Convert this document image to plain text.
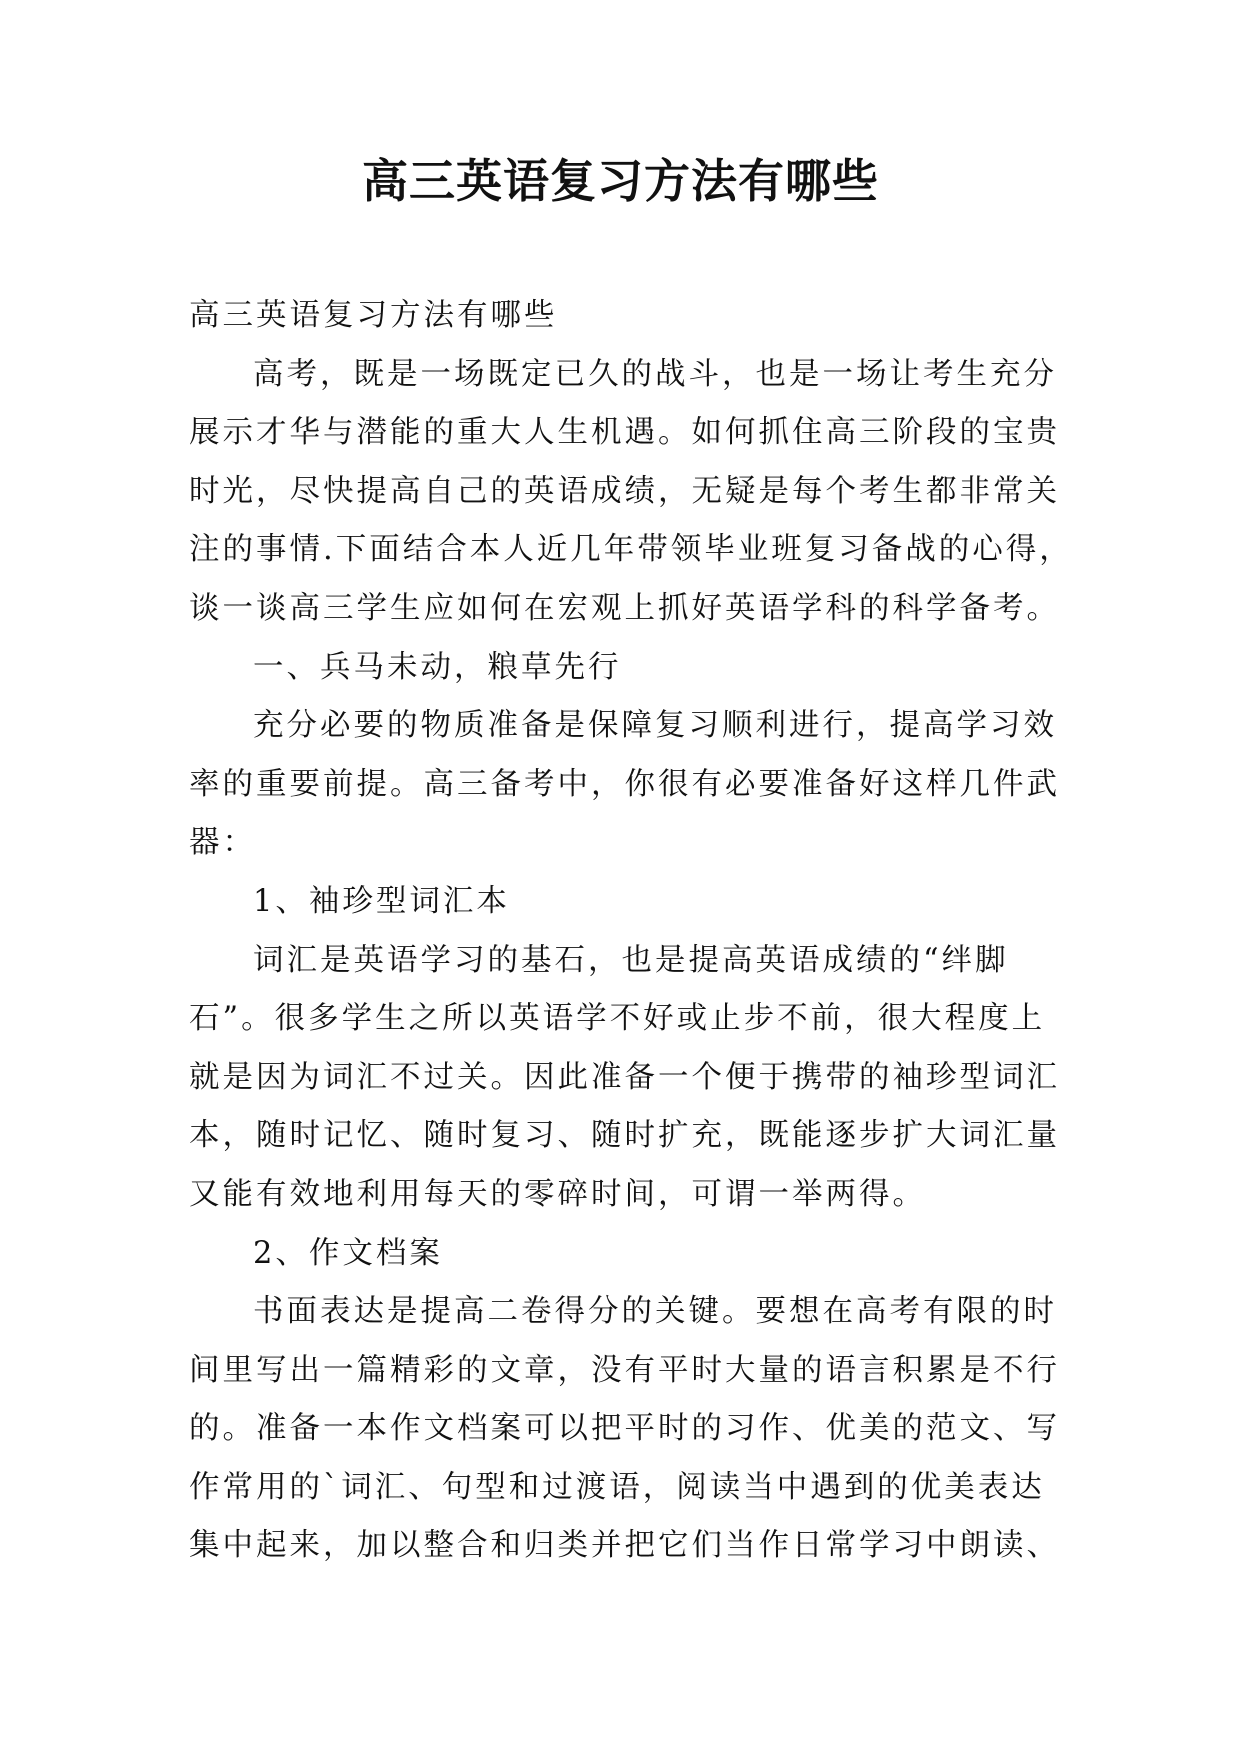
高三英语复习方法有哪些
高三英语复习方法有哪些
高考，既是一场既定已久的战斗，也是一场让考生充分
展示才华与潜能的重大人生机遇。如何抓住高三阶段的宝贵
时光，尽快提高自己的英语成绩，无疑是每个考生都非常关
注的事情.下面结合本人近几年带领毕业班复习备战的心得，
谈一谈高三学生应如何在宏观上抓好英语学科的科学备考。
一、兵马未动，粮草先行
充分必要的物质准备是保障复习顺利进行，提高学习效
率的重要前提。高三备考中，你很有必要准备好这样几件武
器：
1、袖珍型词汇本
词汇是英语学习的基石，也是提高英语成绩的“绊脚
石”。很多学生之所以英语学不好或止步不前，很大程度上
就是因为词汇不过关。因此准备一个便于携带的袖珍型词汇
本，随时记忆、随时复习、随时扩充，既能逐步扩大词汇量
又能有效地利用每天的零碎时间，可谓一举两得。
2、作文档案
书面表达是提高二卷得分的关键。要想在高考有限的时
间里写出一篇精彩的文章，没有平时大量的语言积累是不行
的。准备一本作文档案可以把平时的习作、优美的范文、写
作常用的`词汇、句型和过渡语，阅读当中遇到的优美表达
集中起来，加以整合和归类并把它们当作日常学习中朗读、
